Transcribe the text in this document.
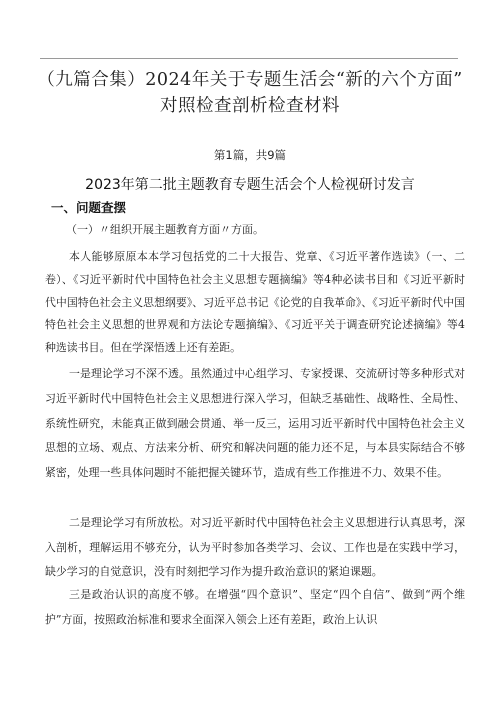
（九篇合集）2024年关于专题生活会“新的六个方面”
对照检查剖析检查材料
第1篇，共9篇
2023年第二批主题教育专题生活会个人检视研讨发言
一、问题查摆
（一）〃组织开展主题教育方面〃方面。

本人能够原原本本学习包括党的二十大报告、党章、《习近平著作选读》（一、二卷）、《习近平新时代中国特色社会主义思想专题摘编》等4种必读书目和《习近平新时代中国特色社会主义思想纲要》、习近平总书记《论党的自我革命》、《习近平新时代中国特色社会主义思想的世界观和方法论专题摘编》、《习近平关于调查研究论述摘编》等4种选读书目。但在学深悟透上还有差距。

一是理论学习不深不透。虽然通过中心组学习、专家授课、交流研讨等多种形式对习近平新时代中国特色社会主义思想进行深入学习，但缺乏基础性、战略性、全局性、系统性研究，未能真正做到融会贯通、举一反三，运用习近平新时代中国特色社会主义思想的立场、观点、方法来分析、研究和解决问题的能力还不足，与本县实际结合不够紧密，处理一些具体问题时不能把握关键环节，造成有些工作推进不力、效果不佳。

二是理论学习有所放松。对习近平新时代中国特色社会主义思想进行认真思考，深入剖析，理解运用不够充分，认为平时参加各类学习、会议、工作也是在实践中学习，缺少学习的自觉意识，没有时刻把学习作为提升政治意识的紧迫课题。

三是政治认识的高度不够。在增强“四个意识”、坚定“四个自信”、做到“两个维护”方面，按照政治标准和要求全面深入领会上还有差距，政治上认识
